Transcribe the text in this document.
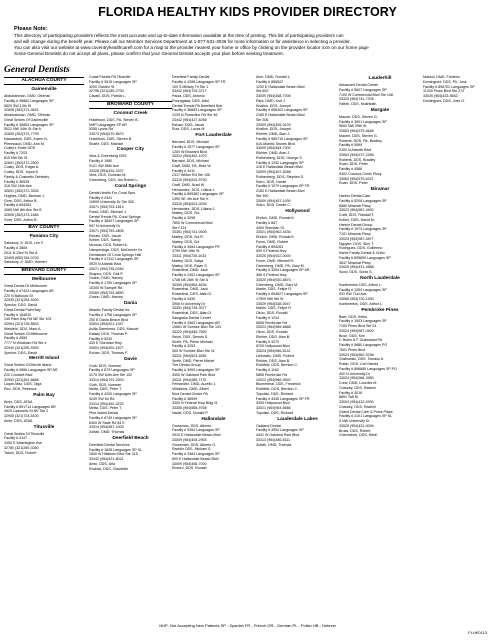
FLORIDA HEALTHY KIDS PROVIDER DIRECTORY
Please Note:

This directory of participating providers reflects the most accurate and up-to-date information available at the time of printing. This list of participating providers can

and will change during the benefit year. Please call our Member Services Department at 1-877-531-3026 for more information or for assistance in selecting a provider.

You can also visit our website at www.coventryhealthcarefl.com for a map to the provider nearest your home or office by clicking on the provider locator icon on our home page

Some General Dentists do not accept all plans, please confirm that your General Dentist accepts your plan before seeking treatment.

General Dentists
ALACHUA COUNTY
Gainesville
Abdulrahman, DMD, Othman
Facility # 36862 Languages SP
6520 SW 13th St
32608 (352)371-3631
Abdulrahman, DMD, Othman
Great Smiles Of Gainesville
Facility # 36863 Languages SP
5021 NW 34th St Ste A
32605 (352)373-7799
Kassardoni, DDS, Karen N.
Pleresiacci, DMD, Ann M.
Costly's Smile DDS
Facility # 7203
815 NW 6th St
32601 (352)372-2500
Costly, DDS, Edgar A.
Costly, DDS, Joyce K.
Family & Cosmetic Dentistry
Facility # 36535
316 SW 16th Ave
32601 (352)372-3333
Hughes, DMD, Berman J.
Gore, DDS, Arthur B.
Facility # 894264
4065 NW 8th Ave Ste B
32605 (352)373-1664
Gore, DDS, Arthur B.
BAY COUNTY
Panama City
Salisbury Jr, DDS, Lex F.
Facility # 3865
2011 N 23rd St Ste A
32405 (850)784-0700
Salisbury Jr, DMD, Herbert
BREVARD COUNTY
Melbourne
Great Dental Of Melbourne
Facility # 47424 Languages AR
220 N Babcock St
32935 (321)254-5400
Spector, DDS, David
Great Dental Palm Bay
Facility # 164810
140 Palm Bay Rd NE Ste 103
32904 (321)728-8833
Weisfeld, DDS, Mark A.
Great Smiles Of Melbourne
Facility # 4559
7777 N Wickham Rd Ste 4
32940 (321)255-9393
Spector, DDS, David
Merritt Island
Great Smiles Of Merritt Island
Facility # 4566 Languages SP AR
220 Crockett Blvd
32953 (321)452-6668
Luque-Mao, DDS, Olga
Reo, DDS, Rebecca
Palm Bay
Amin, DDS, ATAA
Facility # 891714 Languages AR
4620 Lipscomb St NE Ste 2
32905 (321)724-5100
Amin, DDS, ATAA
Titusville
Great Smiles Of Titusville
Facility # 4147
3450 S Washington Ave
32780 (321)269-3360
Tatum, DDS, Robert
Coast Florida PA Titusville
Facility # 3615 Languages SP
3290 Garden St
32796 (321)269-2700
Cavalli, DDS, Patrick L.
BROWARD COUNTY
Coconut Creek
Hutchison, DDS, PA, Steven B.
NHP Languages SP AR
5355 Lyons Rd
33073 (954)570-8870
Hutchison, DDS, Steven B.
Shafie, DDS, Michael
Cooper City
Vera & Greenberg DDS
Facility # 1980
9121 SW 56th Ave
33328 (954)434-3327
Vera, DDS, Gonzalo M.
Greenberg, DDS, Ian Robert L.
Coral Springs
Dental Health For Coral Sprs
Facility # 2441
10899 University Dr Ste 300
33071 (954)753-1814
Freed, DMD, Michael J.
Dental Trends PA, Coral Springs
Facility # 38407 Languages SP
997 N University Dr
33071 (954)753-4805
Eshani, DDS, Jacob
Kohler, DDS, Sandy
Mcrossi, DDS, Robert A.
Hampenlogs, DDS, McKeever Vo
Dentalcare Of Coral Springs Hall
Facility # 47412 Languages SP
3920 N Atlantic Blvd
33071 (954)755-0260
Shapiro, DDS, Gail P.
Gutzin, DMD, Harvey
Facility # 1750 Languages SP
10300 W Sample Rd
33065 (954)753-6890
Gutzin, DMD, Harvey
Dania
Atlantic Family Dental Inc
Facility # 1796 Languages SP
250 E Dania Beach Blvd
33004 (954)921-1347
Avilla-Sarmiento, DDS, Manuel
Rafael, DDS, Thomas P.
Facility # 5230
430 E Sheridan Hwy
33004 (954)920-1877
Rohan, DDS, Thomas F.
Davie
Guth, DDS, Norman
Facility # 879 Languages SP
4175 SW 64th Ave Ste 102
33314 (954)791-2000
Guth, DDS, Norman
Metta, DDS, Peter T.
Facility # 4200 Languages SP
4249 SW 64 Rd
33314 (954)452-3233
Metta, DDS, Peter T.
Pine Island Dental
Facility # 6749 Languages SP
6400 W State Rd 84 E
33314 (954)587-1003
Zuttah, DMD, Thomas
Deerfield Beach
Deerfield Dental Services
Facility # 1628 Languages SP SL
1600 W Hillsboro Blvd Ste 315
33442 (954)421-8021
Amin, DDS, Aria
Rodrick, DDS, Claudette
Deerfield Family Dental
Facility # 4398 Languages SP FR
100 S Military Trl Ste 1
33442 (954)725-3717
Paula, DDS, Antonio
Pouragawa, DDS, Adid
Dental Trends PA Deerfield Bch
Facility # 36683 Languages SP
1239 N Powerline Rd Ste 46
33442 (954)427-6266
Eshani, DDS, Jacob
Ruiz, DDS, Lucas M.
Fort Lauderdale
Barnard, DDS, Michael
Facility # 1577 Languages SP
1200 W Broward Blvd
33312 (954)462-1070
Barnard, DDS, Michael
Graff, DMD, PA, Brad W.
Facility # 3411
2317 Wilton Rd Ste 106
33315 (954)524-5700
Graff, DMD, Brad W.
Hernandez, DDS, Liliana J.
Facility # 895382 Languages SP
1390 SE 4th Ave Ste K
33316 (954)523-0034
Hernandez, DDS, Liliana J.
Mattey, DDS, Sol
Facility # 3298
7800 W Commercial Blvd
Ste F114
33351 (954)741-0005
Mattey, DDS, Sol R.
Mattey, DDS, Sol
Facility # 3084 Languages FR
3790 NW 19th St
33311 (954)735-1033
Mattey, DDS, Satya
Mattey, DDS, Ravin S.
Rosenthal, DMD, Jack
Facility # 2402 Languages SP
1748 NE 26th St Ste A
33305 (954)564-8244
Rosenthal, DMD, Jack
Rosenthal, DDS, Allan D.
Facility # 3430
3906 N University Dr
33351 (954)748-3077
Rosenthal, DDS, Allan D.
Sawgrass Dental Center
Facility # 3363 Languages AR
10661 W Sunrise Blvd Ste 103
33322 (954)846-7600
Sevel, DDS, Dennis S.
Smith, PA, Pierre Michael
Facility # 3253
300 W Sunrise Blvd Ste 11
33311 (954)523-1656
Smith, DMD, Pierre Michel
The Dental Group
Facility # 3909 Languages SP
3300 W Oakland Park Blvd
33311 (954)485-7170
Fernandez, DMD, Aurelio J.
Villalobos, DMD, Albert
Kind Dental Center PA
Facility # 36599
3300 N Federal Hwy Bldg 11
33306 (954)568-9768
Nadel, DDS, Donald P.
Hallandale
Grossman, DDS, Alberto
Facility # 5384 Languages SP
2510 E Hallandale Beach Blvd
33009 (954)454-2904
Grossman, DDS, Alberto G.
Rachlin DDS, Michael S.
Facility # 3484 Languages SP
600 E Hallandale Beach Blvd
33009 (954)456-7000
Eirdoro, DDS, Ronald
Amir, DMD, Ronald L.
Facility # 896522
1292 E Hallandale Beach Blvd
Ste 602
33009 (954)458-7006
Park, DMD, Kurt J.
Khaikin, DDS, Joseph
Facility # 896402 Languages SP
2160 E Hallandale Beach Blvd
Ste 306
33009 (954)455-0109
Khaikin, DDS, Joseph
Richter, DMD, Alan J.
Facility # 580715 Languages SP
616 Atlantic Shores Blvd
33009 (954)454-7000
Richter, DMD, Alan J.
Rothenberg, DDS, George S.
Facility # 1252 Languages SP
416 E Hallandale Beach Blvd
33009 (954)457-8288
Rothenberg, DDS, Stephen S.
Sotro, DDS, Daniel
Facility # 1079 Languages SP FR
2160 E Hallandale Beach Blvd
Ste 300
33009 (954)457-1000
Sotro, DDS, Daniel C.
Hollywood
Ehrlich, DMD, Ronald K.
Facility # 667
4400 Sheridan St
33021 (954)962-4430
Ehrlich, DMD, Ronald K.
Feuer, DMD, Robert
Facility # 894263
500 S Federal Hwy
33020 (954)922-0000
Feuer, DMD, Mitchell R.
Greenberg, DMD, PA, Gary M.
Facility # 3264 Languages SP AR
366 S Federal Hwy
33020 (954)920-8874
Greenberg, DMD, Gary M.
Martin, DDS, Felipe R.
Facility # 894627 Languages SP
17900 NW 5th St
33029 (954)538-0047
Martin, DDS, Felipe R.
Okun, DDS, Ronald
Facility # 1234
5805 Pembroke Rd
33023 (954)989-6868
Okun, DDS, Ronald
Richter, DDS, Alan B.
Facility # 3270
6700 Hollywood Blvd
33024 (954)966-6141
Liebowitz, DMD, Robert
Richter, DDS, Alan B.
Rothfeld, DDS, Bernton C.
Facility # 1162
5855 Pembroke Rd
33023 (954)966-9540
Blumenthal, DDS, Frederick
Rothfeld, DDS, Bernton C.
Topolski, DDS, Richard
Facility # 4345 Languages SP FR
3305 Hollywood Blvd
33021 (954)963-6666
Topolski, DDS, Richard
Lauderdale Lakes
Oakland Dental
Facility # 4904 Languages SP
4441 W Oakland Park Blvd
33313 (954)486-8111
Zuttah, DMD, Thomas
Lauderhill
Advanced Dental Center
Facility # 5607 Languages SP
7100 W Commercial Blvd Ste 108
33319 (954)741-7206
Fatteh, DDS, Mukhtiath
Margate
Maurer, DDS, Steven G.
Facility # 3501 Languages SP
5600 NW 29th St
33063 (954)979-4646
Maurer, DDS, Steven G.
Roberts, DDS, PA, Bradley
Facility # 5599
2300 N Atlantic Blvd
33063 (954)972-2266
Roberts, DDS, Bradley
Ruan, DDS, Peter
Facility # 4588
5302 Coconut Creek Pkwy
33063 (954)979-6321
Ruan, DDS, Peter
Miramar
Harbor Dental Care
Facility # 5206 Languages SP
6880 Miramar Pkwy
33023 (954)987-4400
Craft, DDS, Randall T.
Kolker, DDS, David M.
Harbor Dental Group
Facility # 1973 Languages SP
7101 Miramar Pkwy
33023 (954)987-4877
Nguyen, DDS, Sinh T.
Rodriguez, DDS, Guillermo
Kanet Family Dental & Ortho
Facility # 895809 Languages SP
3647 Miramar Pkwy
33025 (954)431-4888
Sood, DDS, Sonia S.
North Lauderdale
Kontinentos DDS, Arthur L.
Facility # 1254 Languages SP
931 SW 71st Ave
33068 (954)720-1530
Kontinentos, DDS, Arthur L.
Pembroke Pines
Baer, DDS, Keiko
Facility # 1903 Languages SP
7100 Pines Blvd Ste 24
33024 (954)987-0400
Bush, DDS, Ken
C Rubin & F Grabowski PA
Facility # 5880 Languages PO
7601 Pines Blvd
33024 (954)962-9298
Grabowski, DDS, Tomasz A.
Rubin, DDS, Carl Harold
Facility # 896689 Languages SP PO
400 N University Dr
33024 (954)966-3980
Crew, DMD, Lourdes M.
Chaudry, DDS, Rashmi
Facility # 3016
8891 Taft St
33024 (954)432-4930
Chaudry, DDS, Rashmi
Grand Dental Care & Pines Plaza
Facility # 3101 Languages SP SL
9 NW University Dr
33025 (954)431-0094
Bruss, DDS, Robert
Chernichuk, DDS, Heidi
Massol, DMD, Frederic
Dominguez, DDS, Ph, Jose
Facility # 896702 Languages SP
11300 Pines Blvd Ste 272
33026 (954)433-5652
Dominguez, DDS, Jose G.
NHP- Not Accepting New Patients SP - Spanish FR - French GR - German PL - Polish HB - Hebrew
FLHK0113
